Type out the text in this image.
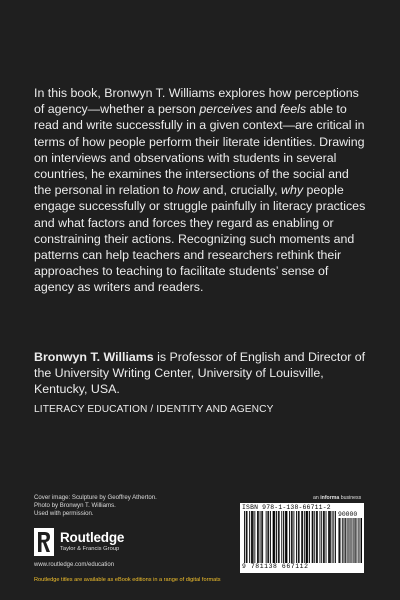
In this book, Bronwyn T. Williams explores how perceptions of agency—whether a person perceives and feels able to read and write successfully in a given context—are critical in terms of how people perform their literate identities. Drawing on interviews and observations with students in several countries, he examines the intersections of the social and the personal in relation to how and, crucially, why people engage successfully or struggle painfully in literacy practices and what factors and forces they regard as enabling or constraining their actions. Recognizing such moments and patterns can help teachers and researchers rethink their approaches to teaching to facilitate students’ sense of agency as writers and readers.

Bronwyn T. Williams is Professor of English and Director of the University Writing Center, University of Louisville, Kentucky, USA.
LITERACY EDUCATION / IDENTITY AND AGENCY
Cover image: Sculpture by Geoffrey Atherton.
Photo by Bronwyn T. Williams.
Used with permission.
Routledge
Taylor & Francis Group
www.routledge.com/education
Routledge titles are available as eBook editions in a range of digital formats
an informa business
ISBN 978-1-138-66711-2
90000
9 781138 667112
